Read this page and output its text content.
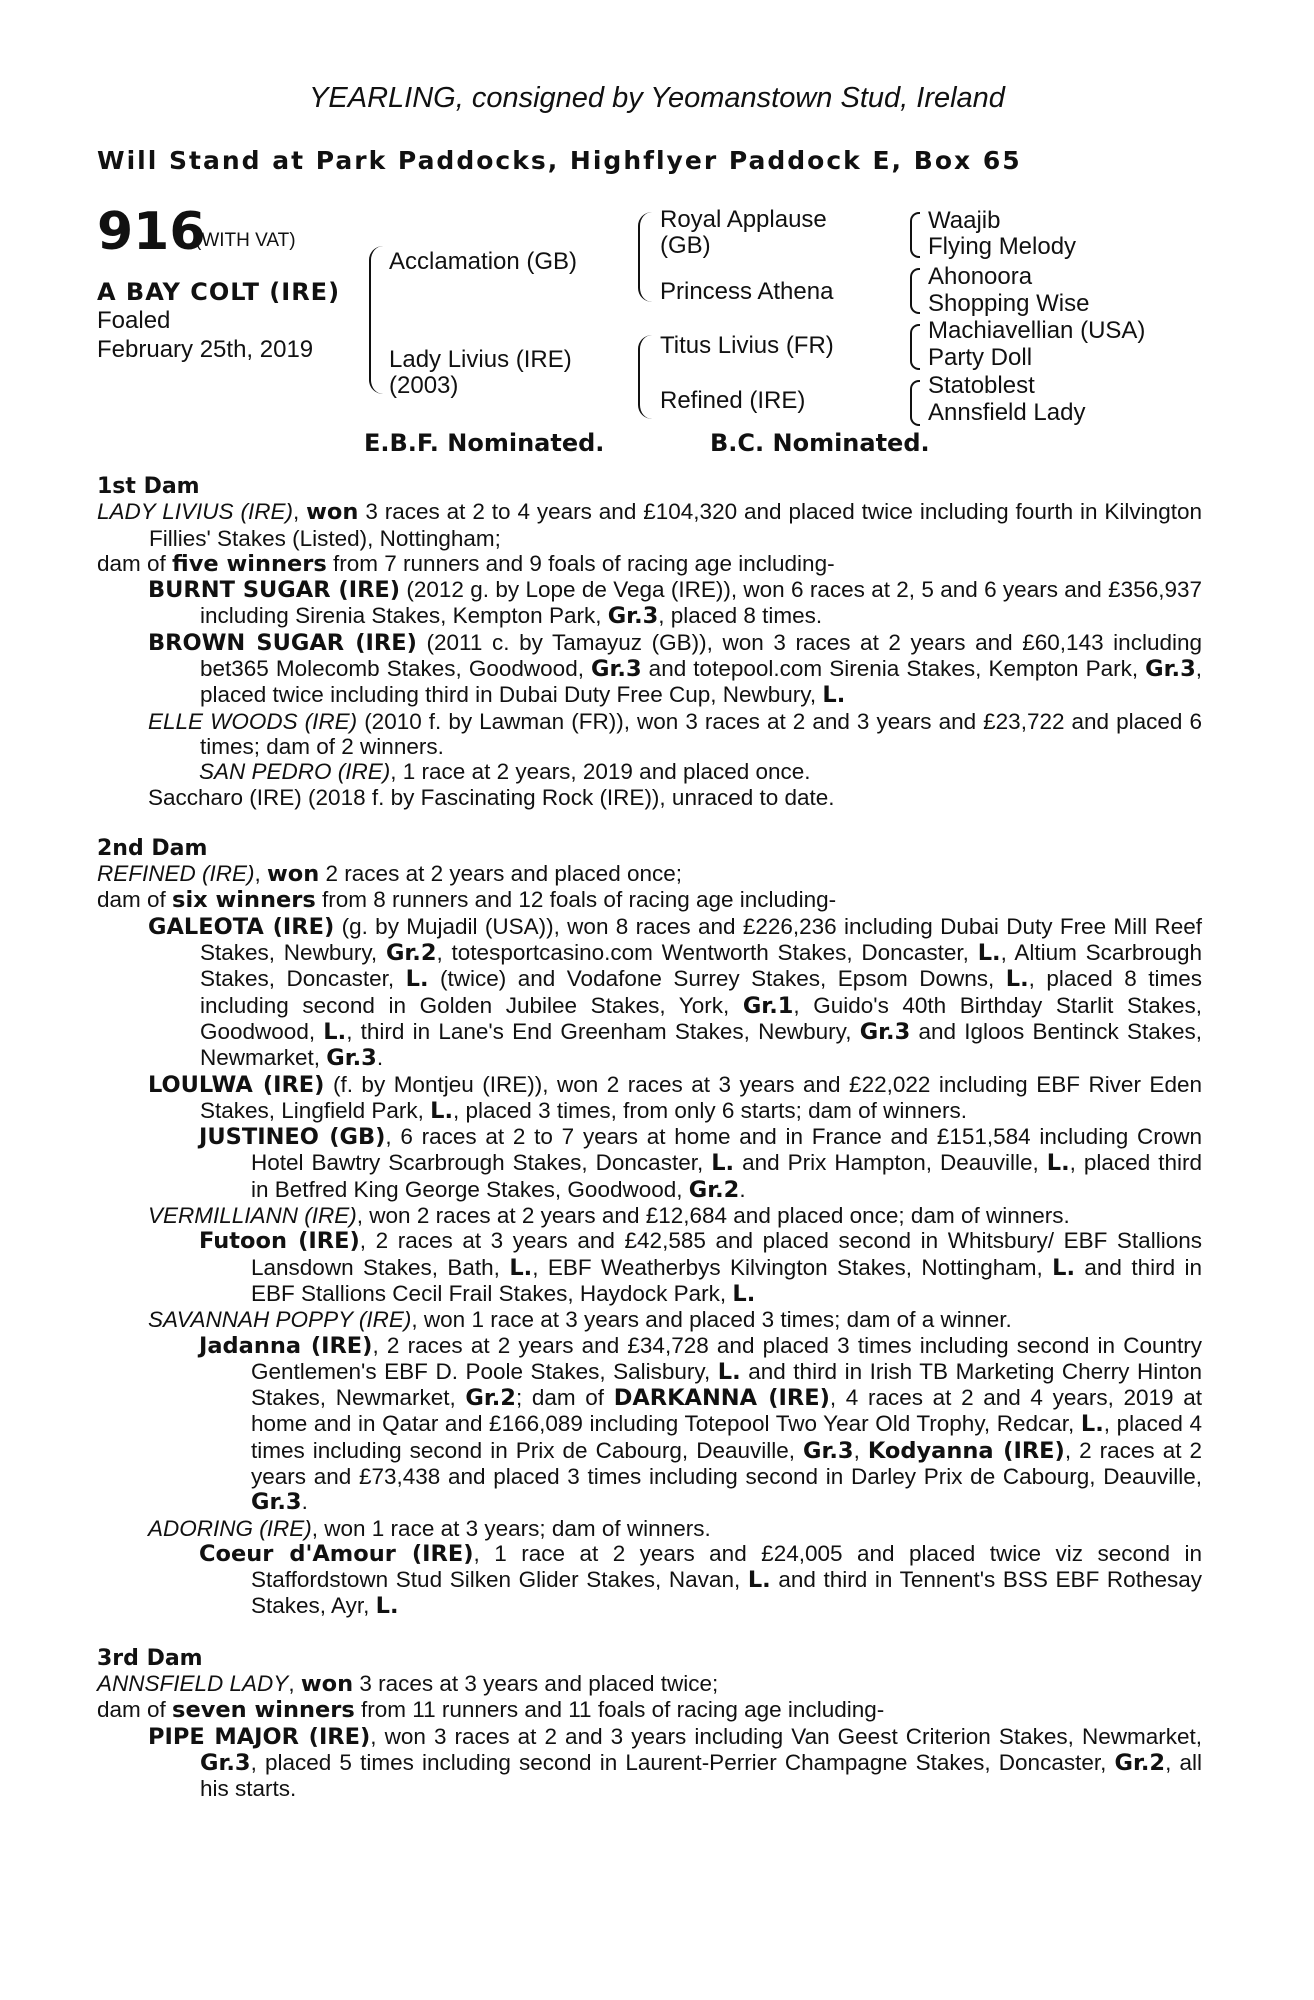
YEARLING, consigned by Yeomanstown Stud, Ireland
Will Stand at Park Paddocks, Highflyer Paddock E, Box 65
916
(WITH VAT)
A BAY COLT (IRE)
Foaled
February 25th, 2019
Acclamation (GB)
Lady Livius (IRE)
(2003)
Royal Applause
(GB)
Princess Athena
Titus Livius (FR)
Refined (IRE)
Waajib
Flying Melody
Ahonoora
Shopping Wise
Machiavellian (USA)
Party Doll
Statoblest
Annsfield Lady
E.B.F. Nominated.	B.C. Nominated.

1st Dam

LADY LIVIUS (IRE), won 3 races at 2 to 4 years and £104,320 and placed twice including fourth in Kilvington Fillies' Stakes (Listed), Nottingham;

dam of five winners from 7 runners and 9 foals of racing age including-

BURNT SUGAR (IRE) (2012 g. by Lope de Vega (IRE)), won 6 races at 2, 5 and 6 years and £356,937 including Sirenia Stakes, Kempton Park, Gr.3, placed 8 times.

BROWN SUGAR (IRE) (2011 c. by Tamayuz (GB)), won 3 races at 2 years and £60,143 including bet365 Molecomb Stakes, Goodwood, Gr.3 and totepool.com Sirenia Stakes, Kempton Park, Gr.3, placed twice including third in Dubai Duty Free Cup, Newbury, L.

ELLE WOODS (IRE) (2010 f. by Lawman (FR)), won 3 races at 2 and 3 years and £23,722 and placed 6 times; dam of 2 winners.

SAN PEDRO (IRE), 1 race at 2 years, 2019 and placed once.

Saccharo (IRE) (2018 f. by Fascinating Rock (IRE)), unraced to date.

2nd Dam

REFINED (IRE), won 2 races at 2 years and placed once;

dam of six winners from 8 runners and 12 foals of racing age including-

GALEOTA (IRE) (g. by Mujadil (USA)), won 8 races and £226,236 including Dubai Duty Free Mill Reef Stakes, Newbury, Gr.2, totesportcasino.com Wentworth Stakes, Doncaster, L., Altium Scarbrough Stakes, Doncaster, L. (twice) and Vodafone Surrey Stakes, Epsom Downs, L., placed 8 times including second in Golden Jubilee Stakes, York, Gr.1, Guido's 40th Birthday Starlit Stakes, Goodwood, L., third in Lane's End Greenham Stakes, Newbury, Gr.3 and Igloos Bentinck Stakes, Newmarket, Gr.3.

LOULWA (IRE) (f. by Montjeu (IRE)), won 2 races at 3 years and £22,022 including EBF River Eden Stakes, Lingfield Park, L., placed 3 times, from only 6 starts; dam of winners.

JUSTINEO (GB), 6 races at 2 to 7 years at home and in France and £151,584 including Crown Hotel Bawtry Scarbrough Stakes, Doncaster, L. and Prix Hampton, Deauville, L., placed third in Betfred King George Stakes, Goodwood, Gr.2.

VERMILLIANN (IRE), won 2 races at 2 years and £12,684 and placed once; dam of winners.

Futoon (IRE), 2 races at 3 years and £42,585 and placed second in Whitsbury/ EBF Stallions Lansdown Stakes, Bath, L., EBF Weatherbys Kilvington Stakes, Nottingham, L. and third in EBF Stallions Cecil Frail Stakes, Haydock Park, L.

SAVANNAH POPPY (IRE), won 1 race at 3 years and placed 3 times; dam of a winner.

Jadanna (IRE), 2 races at 2 years and £34,728 and placed 3 times including second in Country Gentlemen's EBF D. Poole Stakes, Salisbury, L. and third in Irish TB Marketing Cherry Hinton Stakes, Newmarket, Gr.2; dam of DARKANNA (IRE), 4 races at 2 and 4 years, 2019 at home and in Qatar and £166,089 including Totepool Two Year Old Trophy, Redcar, L., placed 4 times including second in Prix de Cabourg, Deauville, Gr.3, Kodyanna (IRE), 2 races at 2 years and £73,438 and placed 3 times including second in Darley Prix de Cabourg, Deauville, Gr.3.

ADORING (IRE), won 1 race at 3 years; dam of winners.

Coeur d'Amour (IRE), 1 race at 2 years and £24,005 and placed twice viz second in Staffordstown Stud Silken Glider Stakes, Navan, L. and third in Tennent's BSS EBF Rothesay Stakes, Ayr, L.

3rd Dam

ANNSFIELD LADY, won 3 races at 3 years and placed twice;

dam of seven winners from 11 runners and 11 foals of racing age including-

PIPE MAJOR (IRE), won 3 races at 2 and 3 years including Van Geest Criterion Stakes, Newmarket, Gr.3, placed 5 times including second in Laurent-Perrier Champagne Stakes, Doncaster, Gr.2, all his starts.
